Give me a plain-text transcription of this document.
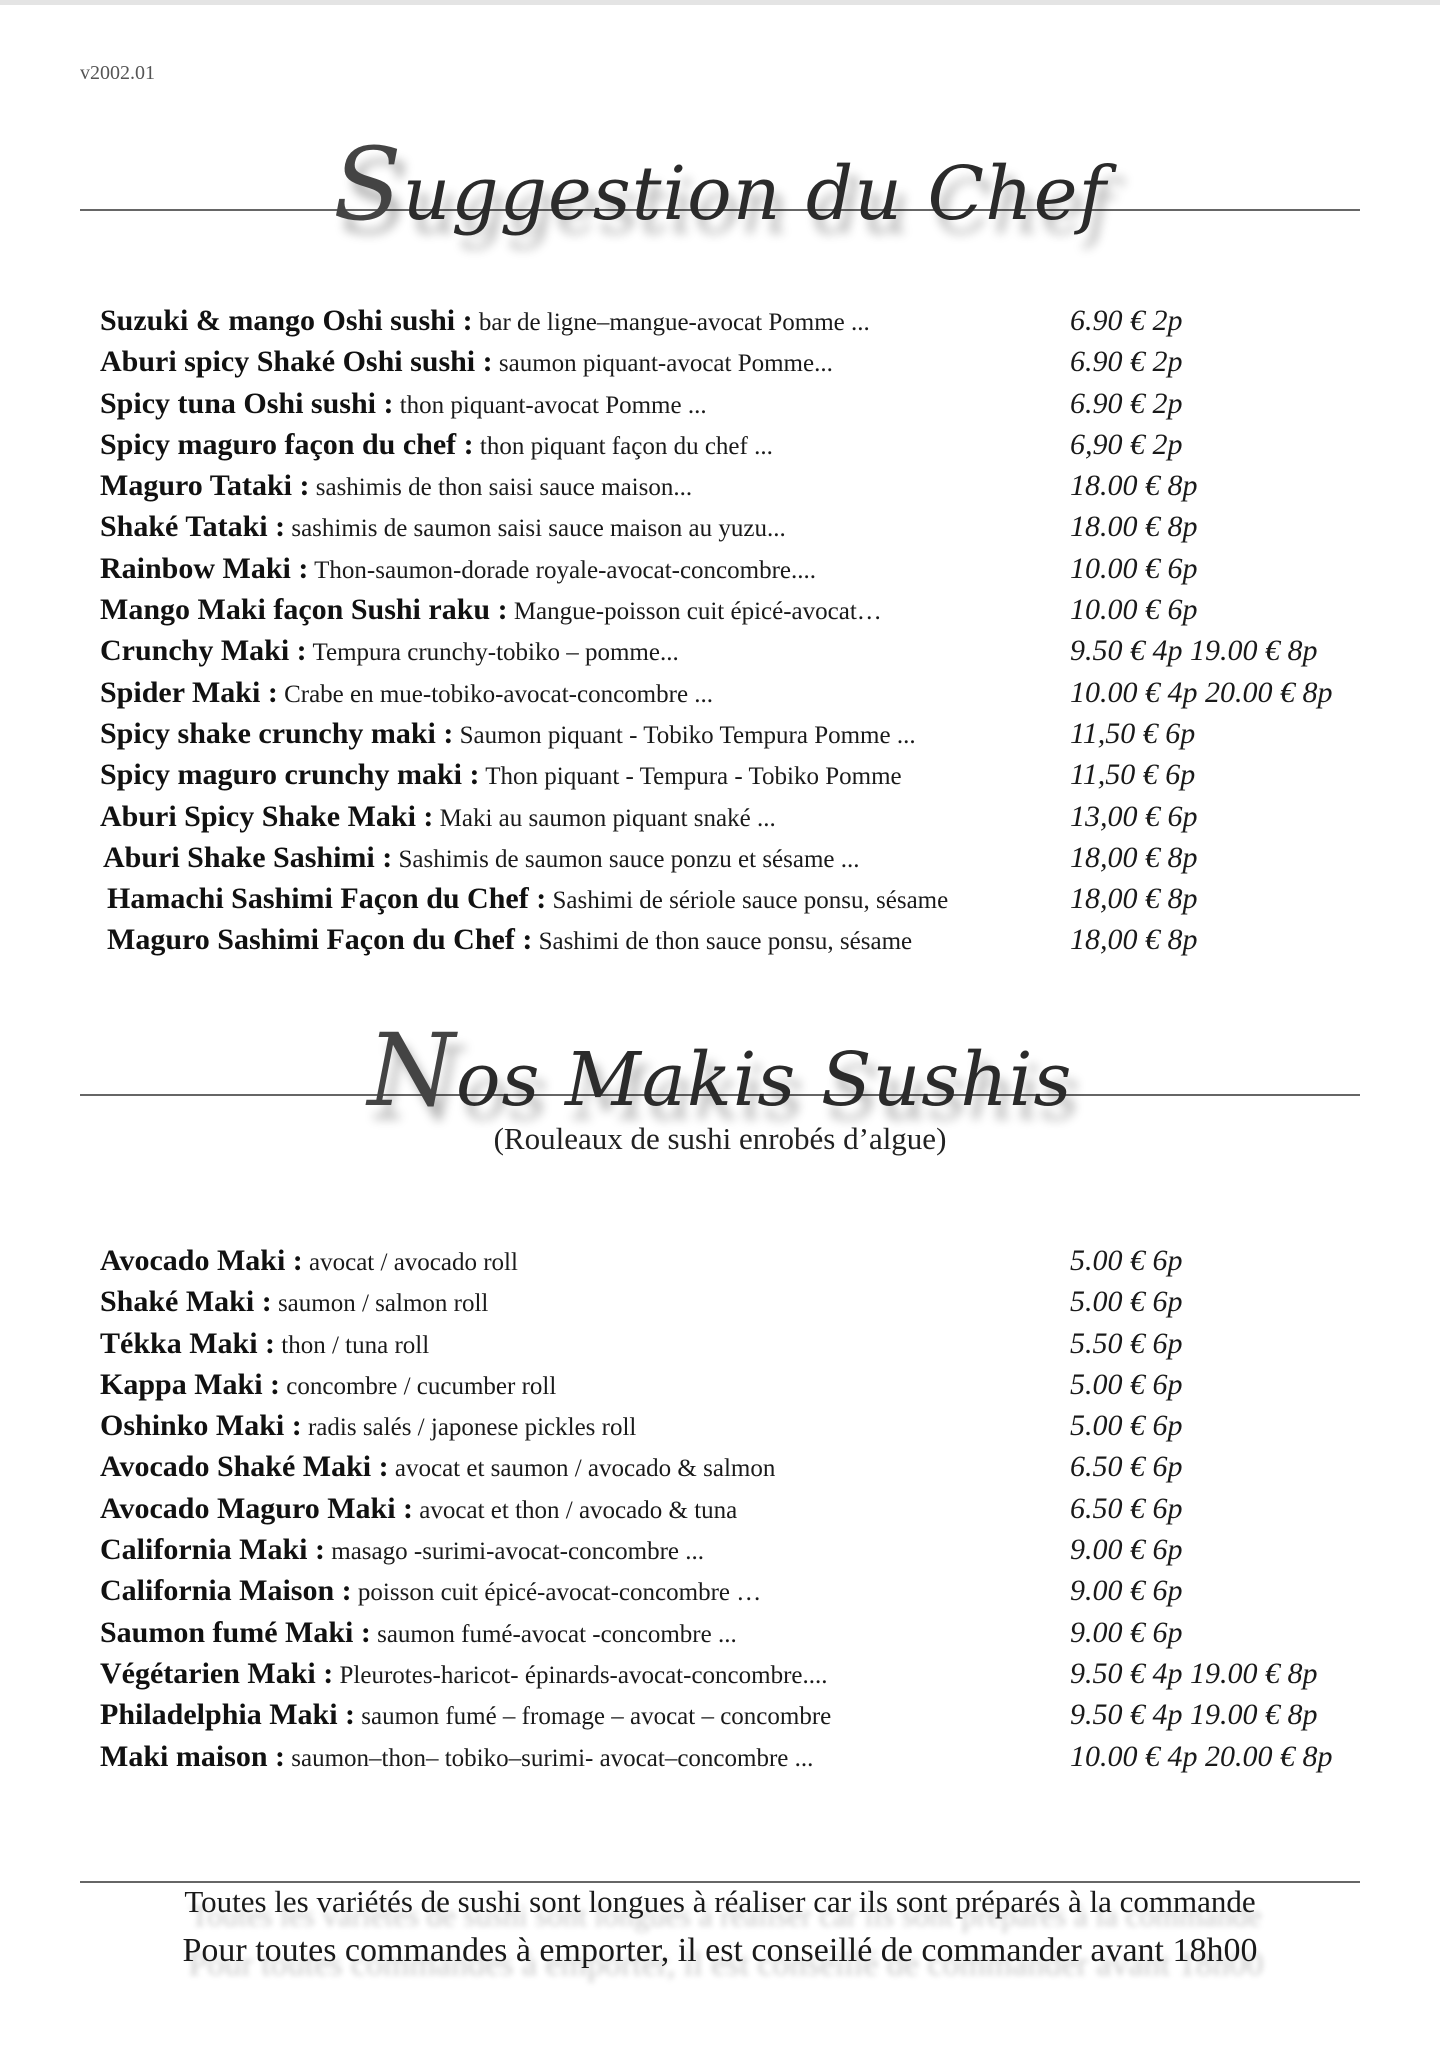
v2002.01
Suggestion du Chef
Suzuki & mango Oshi sushi : bar de ligne–mangue-avocat Pomme ...	6.90 € 2p
Aburi spicy Shaké Oshi sushi : saumon piquant-avocat Pomme...	6.90 € 2p
Spicy tuna Oshi sushi : thon piquant-avocat Pomme ...	6.90 € 2p
Spicy maguro façon du chef : thon piquant façon du chef ...	6,90 € 2p
Maguro Tataki : sashimis de thon saisi sauce maison...	18.00 € 8p
Shaké Tataki : sashimis de saumon saisi sauce maison au yuzu...	18.00 € 8p
Rainbow Maki : Thon-saumon-dorade royale-avocat-concombre....	10.00 € 6p
Mango Maki façon Sushi raku : Mangue-poisson cuit épicé-avocat…	10.00 € 6p
Crunchy Maki : Tempura crunchy-tobiko – pomme...	9.50 € 4p 19.00 € 8p
Spider Maki : Crabe en mue-tobiko-avocat-concombre ...	10.00 € 4p 20.00 € 8p
Spicy shake crunchy maki : Saumon piquant - Tobiko Tempura Pomme ...	11,50 € 6p
Spicy maguro crunchy maki : Thon piquant - Tempura - Tobiko Pomme	11,50 € 6p
Aburi Spicy Shake Maki : Maki au saumon piquant snaké ...	13,00 € 6p
Aburi Shake Sashimi : Sashimis de saumon sauce ponzu et sésame ...	18,00 € 8p
Hamachi Sashimi Façon du Chef : Sashimi de sériole sauce ponsu, sésame	18,00 € 8p
Maguro Sashimi Façon du Chef : Sashimi de thon sauce ponsu, sésame	18,00 € 8p
Nos Makis Sushis
(Rouleaux de sushi enrobés d’algue)
Avocado Maki : avocat / avocado roll	5.00 € 6p
Shaké Maki : saumon / salmon roll	5.00 € 6p
Tékka Maki : thon / tuna roll	5.50 € 6p
Kappa Maki : concombre / cucumber roll	5.00 € 6p
Oshinko Maki : radis salés / japonese pickles roll	5.00 € 6p
Avocado Shaké Maki : avocat et saumon / avocado & salmon	6.50 € 6p
Avocado Maguro Maki : avocat et thon / avocado & tuna	6.50 € 6p
California Maki : masago -surimi-avocat-concombre ...	9.00 € 6p
California Maison : poisson cuit épicé-avocat-concombre …	9.00 € 6p
Saumon fumé Maki : saumon fumé-avocat -concombre ...	9.00 € 6p
Végétarien Maki : Pleurotes-haricot- épinards-avocat-concombre....	9.50 € 4p 19.00 € 8p
Philadelphia Maki : saumon fumé – fromage – avocat – concombre	9.50 € 4p 19.00 € 8p
Maki maison : saumon–thon– tobiko–surimi- avocat–concombre ...	10.00 € 4p 20.00 € 8p
Toutes les variétés de sushi sont longues à réaliser car ils sont préparés à la commande
Pour toutes commandes à emporter, il est conseillé de commander avant 18h00
